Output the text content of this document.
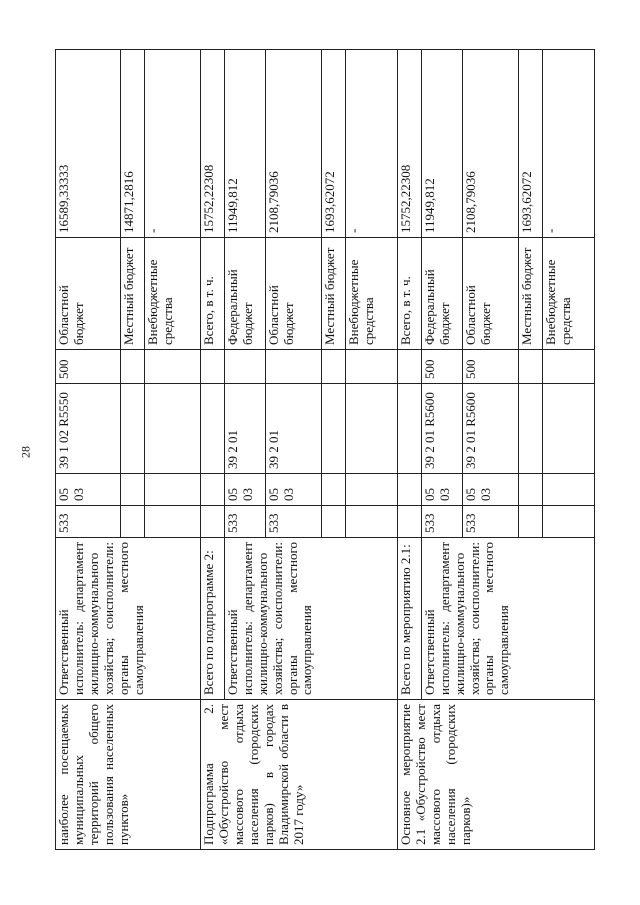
28
наиболее посещаемых муниципальных территорий общего пользования населенных пунктов»	Ответственный исполнитель: департамент жилищно-коммунального хозяйства; соисполнители: органы местного самоуправления	533	05 03	39 1 02 R5550	500	Областной бюджет	16589,33333
						Местный бюджет	14871,2816
						Внебюджетные средства	-
Подпрограмма 2. «Обустройство мест массового отдыха населения (городских парков) в городах Владимирской области в 2017 году»	Всего по подпрограмме 2:					Всего, в т. ч.	15752,22308
	Ответственный исполнитель: департамент жилищно-коммунального хозяйства; соисполнители: органы местного самоуправления	533	05 03	39 2 01		Федеральный бюджет	11949,812
		533	05 03	39 2 01		Областной бюджет	2108,79036
						Местный бюджет	1693,62072
						Внебюджетные средства	-
Основное мероприятие 2.1 «Обустройство мест массового отдыха населения (городских парков)»	Всего по мероприятию 2.1:					Всего, в т. ч.	15752,22308
	Ответственный исполнитель: департамент жилищно-коммунального хозяйства; соисполнители: органы местного самоуправления	533	05 03	39 2 01 R5600	500	Федеральный бюджет	11949,812
		533	05 03	39 2 01 R5600	500	Областной бюджет	2108,79036
						Местный бюджет	1693,62072
						Внебюджетные средства	-
